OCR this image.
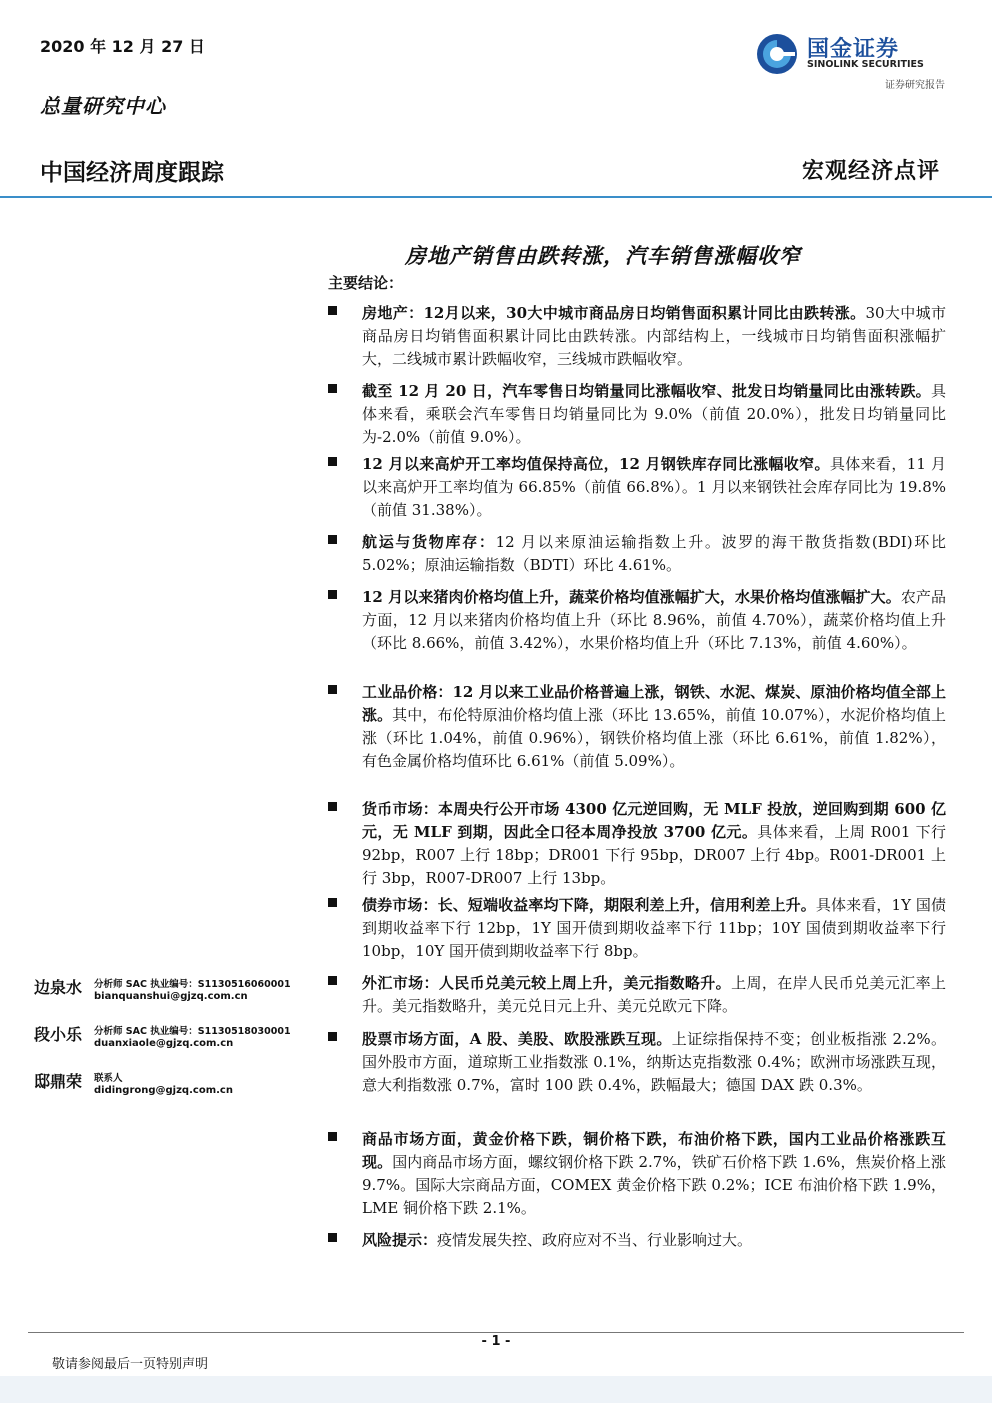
2020 年 12 月 27 日
总量研究中心
中国经济周度跟踪	宏观经济点评
国金证券
SINOLINK SECURITIES
证券研究报告
房地产销售由跌转涨，汽车销售涨幅收窄
主要结论：
房地产：12月以来，30大中城市商品房日均销售面积累计同比由跌转涨。30大中城市商品房日均销售面积累计同比由跌转涨。内部结构上，一线城市日均销售面积涨幅扩大，二线城市累计跌幅收窄，三线城市跌幅收窄。
截至 12 月 20 日，汽车零售日均销量同比涨幅收窄、批发日均销量同比由涨转跌。具体来看，乘联会汽车零售日均销量同比为 9.0%（前值 20.0%），批发日均销量同比为-2.0%（前值 9.0%）。
12 月以来高炉开工率均值保持高位，12 月钢铁库存同比涨幅收窄。具体来看，11 月以来高炉开工率均值为 66.85%（前值 66.8%）。1 月以来钢铁社会库存同比为 19.8%（前值 31.38%）。
航运与货物库存：12 月以来原油运输指数上升。波罗的海干散货指数(BDI)环比 5.02%；原油运输指数（BDTI）环比 4.61%。
12 月以来猪肉价格均值上升，蔬菜价格均值涨幅扩大，水果价格均值涨幅扩大。农产品方面，12 月以来猪肉价格均值上升（环比 8.96%，前值 4.70%），蔬菜价格均值上升（环比 8.66%，前值 3.42%），水果价格均值上升（环比 7.13%，前值 4.60%）。
工业品价格：12 月以来工业品价格普遍上涨，钢铁、水泥、煤炭、原油价格均值全部上涨。其中，布伦特原油价格均值上涨（环比 13.65%，前值 10.07%），水泥价格均值上涨（环比 1.04%，前值 0.96%），钢铁价格均值上涨（环比 6.61%，前值 1.82%），有色金属价格均值环比 6.61%（前值 5.09%）。
货币市场：本周央行公开市场 4300 亿元逆回购，无 MLF 投放，逆回购到期 600 亿元，无 MLF 到期，因此全口径本周净投放 3700 亿元。具体来看，上周 R001 下行 92bp，R007 上行 18bp；DR001 下行 95bp，DR007 上行 4bp。R001-DR001 上行 3bp，R007-DR007 上行 13bp。
债券市场：长、短端收益率均下降，期限利差上升，信用利差上升。具体来看，1Y 国债到期收益率下行 12bp，1Y 国开债到期收益率下行 11bp；10Y 国债到期收益率下行 10bp，10Y 国开债到期收益率下行 8bp。
外汇市场：人民币兑美元较上周上升，美元指数略升。上周，在岸人民币兑美元汇率上升。美元指数略升，美元兑日元上升、美元兑欧元下降。
股票市场方面，A 股、美股、欧股涨跌互现。上证综指保持不变；创业板指涨 2.2%。国外股市方面，道琼斯工业指数涨 0.1%，纳斯达克指数涨 0.4%；欧洲市场涨跌互现，意大利指数涨 0.7%，富时 100 跌 0.4%，跌幅最大；德国 DAX 跌 0.3%。
商品市场方面，黄金价格下跌，铜价格下跌，布油价格下跌，国内工业品价格涨跌互现。国内商品市场方面，螺纹钢价格下跌 2.7%，铁矿石价格下跌 1.6%，焦炭价格上涨 9.7%。国际大宗商品方面，COMEX 黄金价格下跌 0.2%；ICE 布油价格下跌 1.9%，LME 铜价格下跌 2.1%。
风险提示：疫情发展失控、政府应对不当、行业影响过大。
边泉水 分析师 SAC 执业编号：S1130516060001
bianquanshui@gjzq.com.cn
段小乐 分析师 SAC 执业编号：S1130518030001
duanxiaole@gjzq.com.cn
邸鼎荣 联系人
didingrong@gjzq.com.cn
- 1 -
敬请参阅最后一页特别声明
